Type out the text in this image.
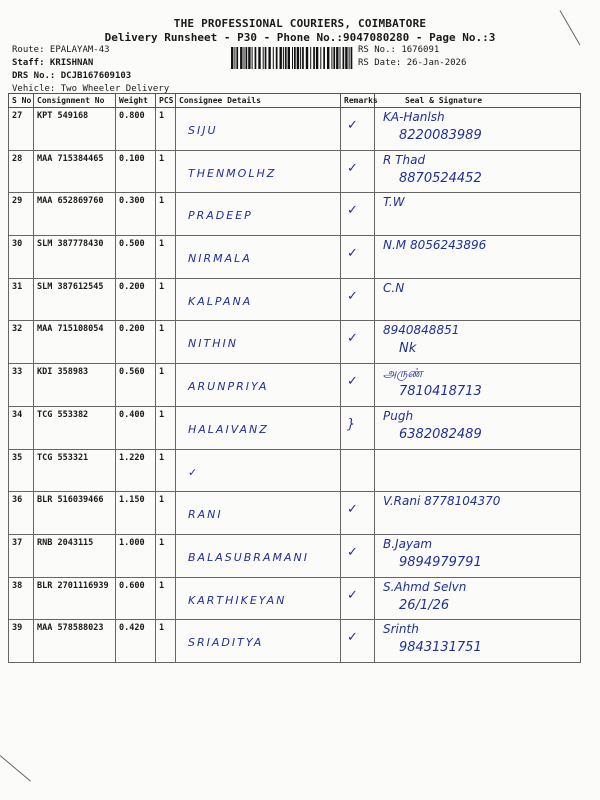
THE PROFESSIONAL COURIERS, COIMBATORE
Delivery Runsheet - P30 - Phone No.:9047080280 - Page No.:3
Route: EPALAYAM-43
Staff: KRISHNAN
DRS No.: DCJB167609103
Vehicle: Two Wheeler Delivery
RS No.: 1676091
RS Date: 26-Jan-2026
S No	Consignment No	Weight	PCS	Consignee Details	Remarks	Seal & Signature
27	KPT 549168	0.800	1	SIJU	✓	KA-Hanlsh
8220083989

28	MAA 715384465	0.100	1	THENMOLHZ	✓	R Thad
8870524452

29	MAA 652869760	0.300	1	PRADEEP	✓	T.W

30	SLM 387778430	0.500	1	NIRMALA	✓	N.M 8056243896

31	SLM 387612545	0.200	1	KALPANA	✓	C.N

32	MAA 715108054	0.200	1	NITHIN	✓	8940848851
Nk

33	KDI 358983	0.560	1	ARUNPRIYA	✓	அருண்
7810418713

34	TCG 553382	0.400	1	HALAIVANZ	}	Pugh
6382082489

35	TCG 553321	1.220	1	✓		

36	BLR 516039466	1.150	1	RANI	✓	V.Rani 8778104370

37	RNB 2043115	1.000	1	BALASUBRAMANI	✓	B.Jayam
9894979791

38	BLR 2701116939	0.600	1	KARTHIKEYAN	✓	S.Ahmd Selvn
26/1/26

39	MAA 578588023	0.420	1	SRIADITYA	✓	Srinth
9843131751
